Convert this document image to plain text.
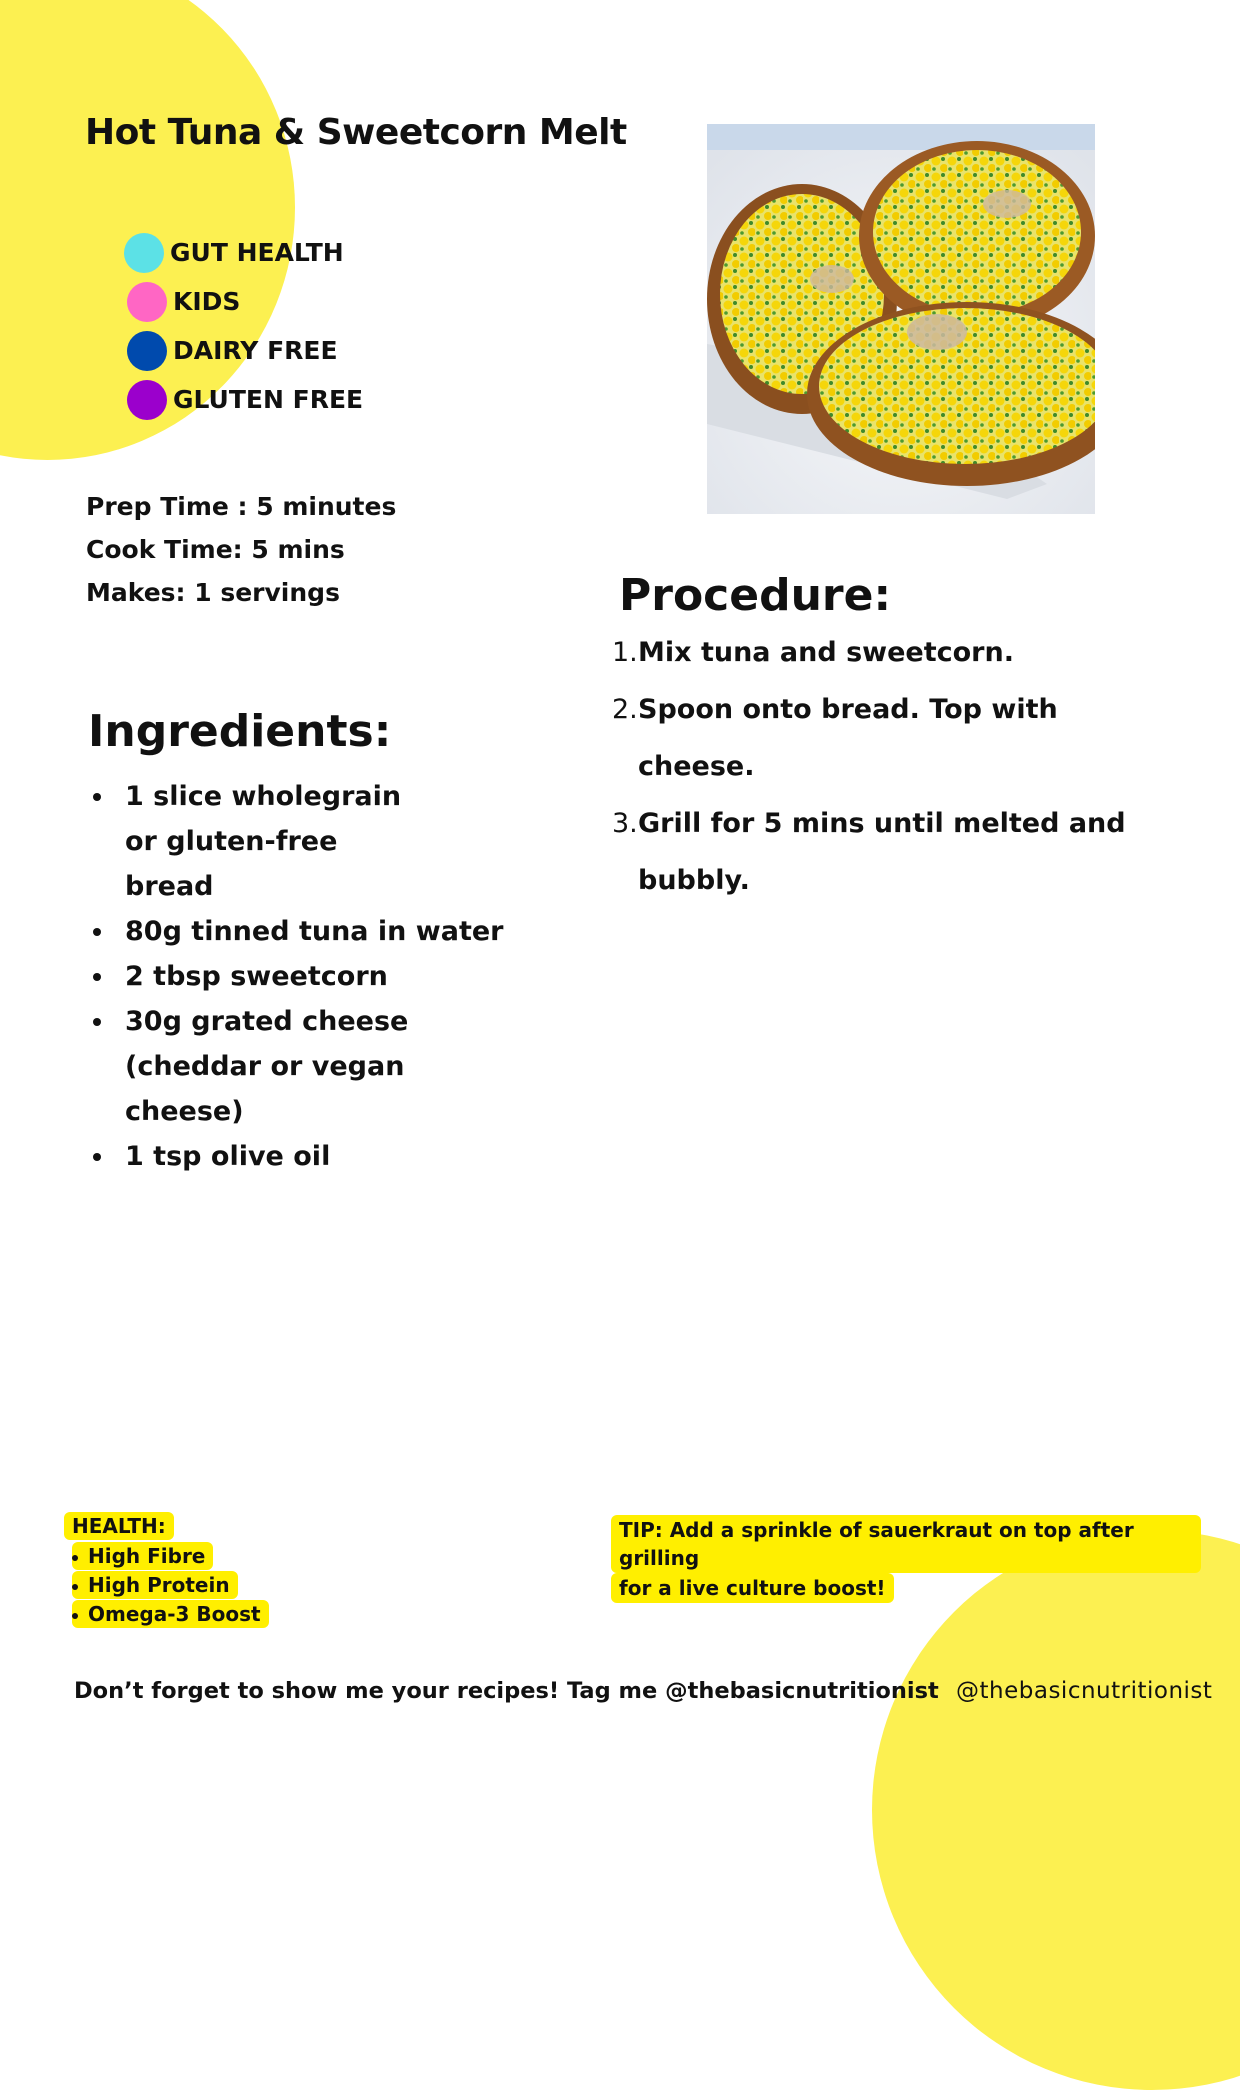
Hot Tuna & Sweetcorn Melt
GUT HEALTH
KIDS
DAIRY FREE
GLUTEN FREE
Prep Time : 5 minutes
Cook Time: 5 mins
Makes: 1 servings	Procedure:
1. Mix tuna and sweetcorn.
2. Spoon onto bread. Top with cheese.
3. Grill for 5 mins until melted and bubbly.
Ingredients:
1 slice wholegrain or gluten-free bread
80g tinned tuna in water
2 tbsp sweetcorn
30g grated cheese (cheddar or vegan cheese)
1 tsp olive oil
HEALTH:
High Fibre
High Protein
Omega-3 Boost
TIP: Add a sprinkle of sauerkraut on top after grilling
for a live culture boost!
Don’t forget to show me your recipes! Tag me @thebasicnutritionist @thebasicnutritionist
